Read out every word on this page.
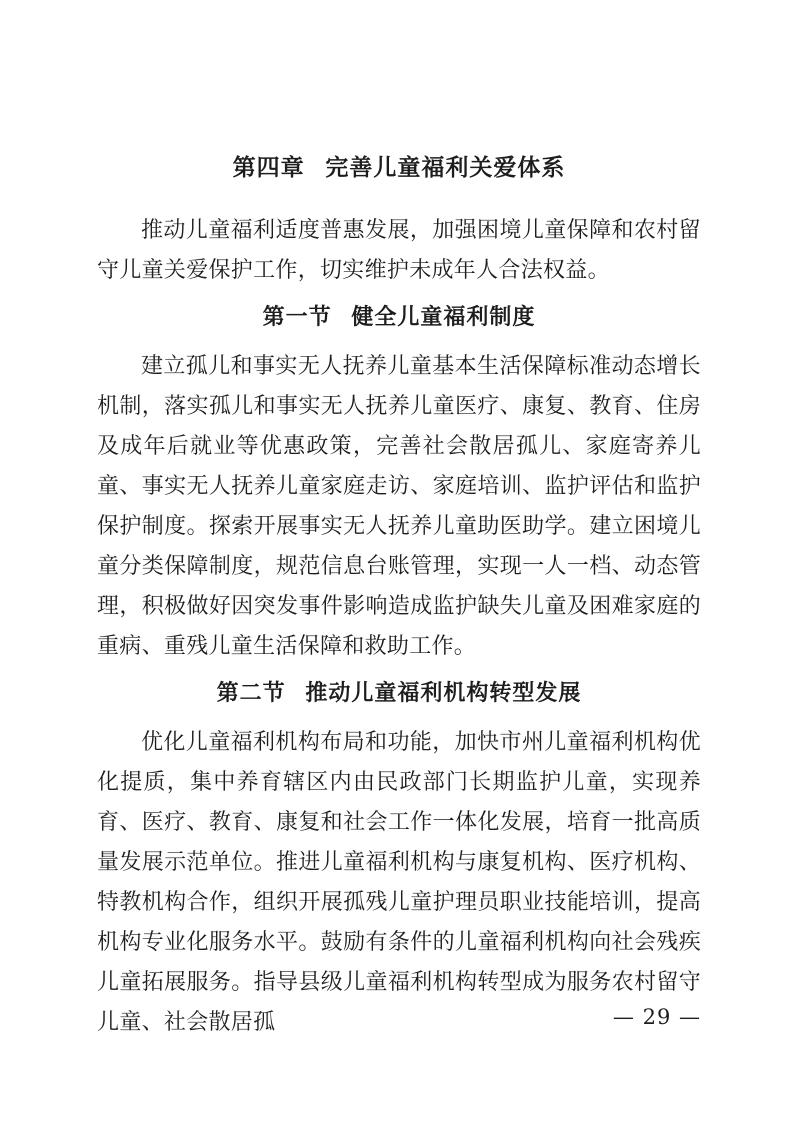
第四章 完善儿童福利关爱体系

推动儿童福利适度普惠发展，加强困境儿童保障和农村留守儿童关爱保护工作，切实维护未成年人合法权益。

第一节 健全儿童福利制度

建立孤儿和事实无人抚养儿童基本生活保障标准动态增长机制，落实孤儿和事实无人抚养儿童医疗、康复、教育、住房及成年后就业等优惠政策，完善社会散居孤儿、家庭寄养儿童、事实无人抚养儿童家庭走访、家庭培训、监护评估和监护保护制度。探索开展事实无人抚养儿童助医助学。建立困境儿童分类保障制度，规范信息台账管理，实现一人一档、动态管理，积极做好因突发事件影响造成监护缺失儿童及困难家庭的重病、重残儿童生活保障和救助工作。

第二节 推动儿童福利机构转型发展

优化儿童福利机构布局和功能，加快市州儿童福利机构优化提质，集中养育辖区内由民政部门长期监护儿童，实现养育、医疗、教育、康复和社会工作一体化发展，培育一批高质量发展示范单位。推进儿童福利机构与康复机构、医疗机构、特教机构合作，组织开展孤残儿童护理员职业技能培训，提高机构专业化服务水平。鼓励有条件的儿童福利机构向社会残疾儿童拓展服务。指导县级儿童福利机构转型成为服务农村留守儿童、社会散居孤	— 29 —
